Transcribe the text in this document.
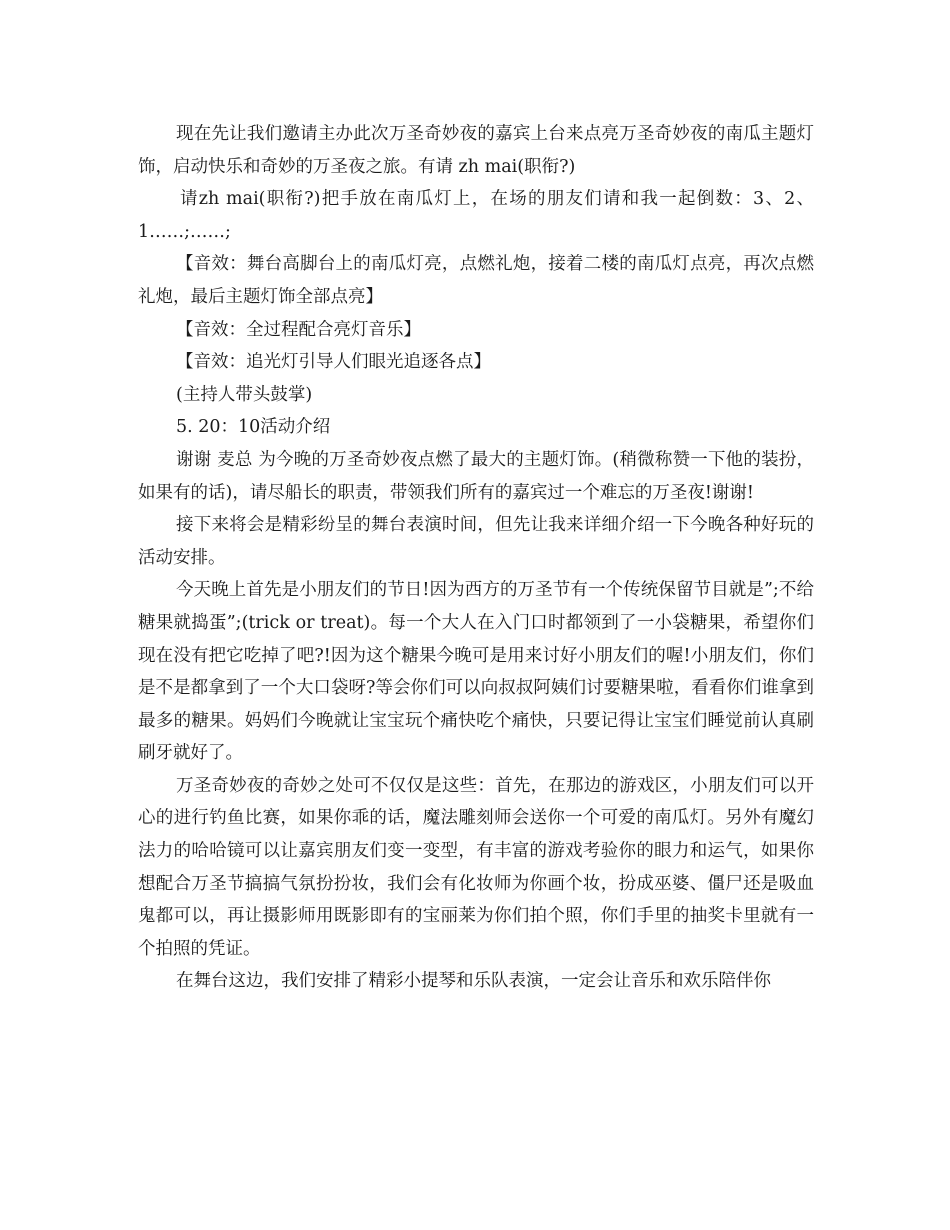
现在先让我们邀请主办此次万圣奇妙夜的嘉宾上台来点亮万圣奇妙夜的南瓜主题灯饰，启动快乐和奇妙的万圣夜之旅。有请 zh mai(职衔?)

请zh mai(职衔?)把手放在南瓜灯上，在场的朋友们请和我一起倒数：3、2、1……;……;

【音效：舞台高脚台上的南瓜灯亮，点燃礼炮，接着二楼的南瓜灯点亮，再次点燃礼炮，最后主题灯饰全部点亮】

【音效：全过程配合亮灯音乐】

【音效：追光灯引导人们眼光追逐各点】

(主持人带头鼓掌)

5. 20：10活动介绍

谢谢 麦总 为今晚的万圣奇妙夜点燃了最大的主题灯饰。(稍微称赞一下他的装扮，如果有的话)，请尽船长的职责，带领我们所有的嘉宾过一个难忘的万圣夜!谢谢!

接下来将会是精彩纷呈的舞台表演时间，但先让我来详细介绍一下今晚各种好玩的活动安排。

今天晚上首先是小朋友们的节日!因为西方的万圣节有一个传统保留节目就是”;不给糖果就捣蛋”;(trick or treat)。每一个大人在入门口时都领到了一小袋糖果，希望你们现在没有把它吃掉了吧?!因为这个糖果今晚可是用来讨好小朋友们的喔!小朋友们，你们是不是都拿到了一个大口袋呀?等会你们可以向叔叔阿姨们讨要糖果啦，看看你们谁拿到最多的糖果。妈妈们今晚就让宝宝玩个痛快吃个痛快，只要记得让宝宝们睡觉前认真刷刷牙就好了。

万圣奇妙夜的奇妙之处可不仅仅是这些：首先，在那边的游戏区，小朋友们可以开心的进行钓鱼比赛，如果你乖的话，魔法雕刻师会送你一个可爱的南瓜灯。另外有魔幻法力的哈哈镜可以让嘉宾朋友们变一变型，有丰富的游戏考验你的眼力和运气，如果你想配合万圣节搞搞气氛扮扮妆，我们会有化妆师为你画个妆，扮成巫婆、僵尸还是吸血鬼都可以，再让摄影师用既影即有的宝丽莱为你们拍个照，你们手里的抽奖卡里就有一个拍照的凭证。

在舞台这边，我们安排了精彩小提琴和乐队表演，一定会让音乐和欢乐陪伴你
